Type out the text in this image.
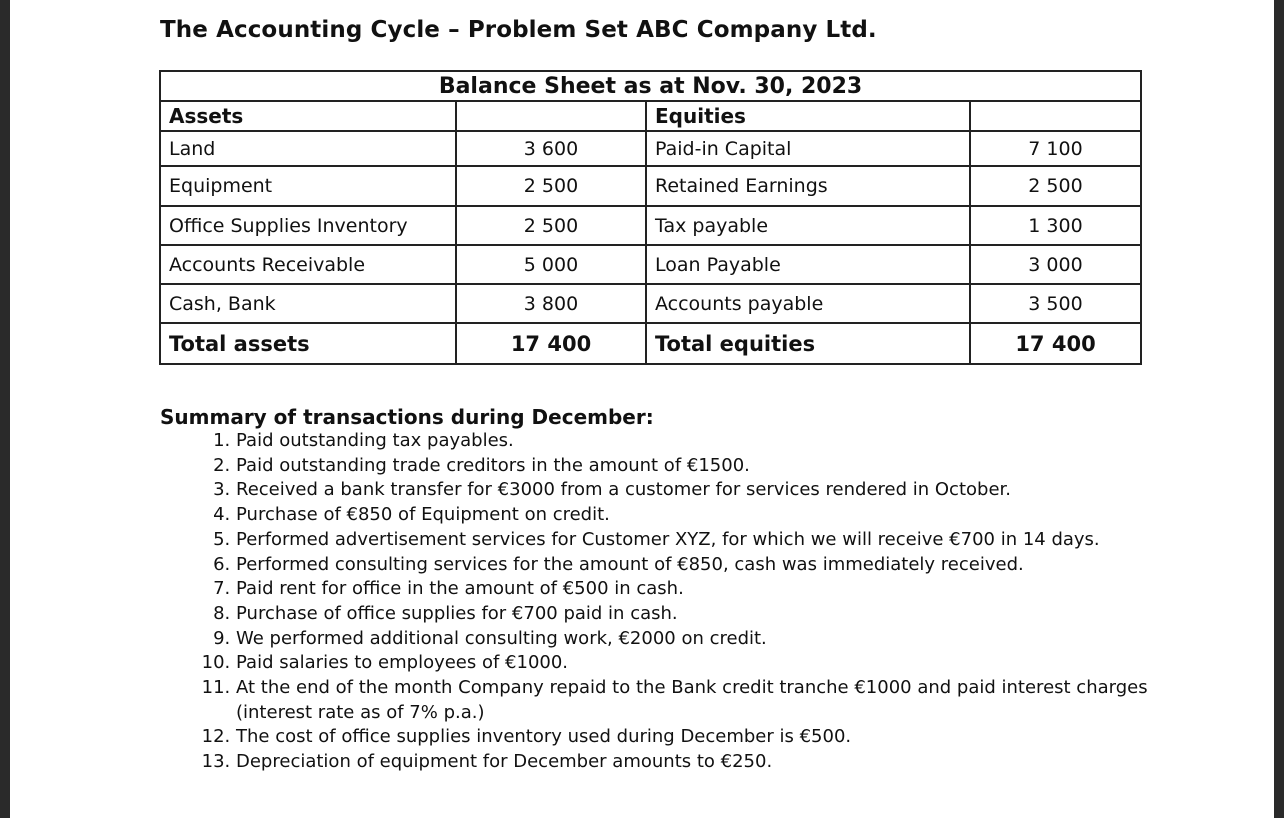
The Accounting Cycle – Problem Set ABC Company Ltd.
Balance Sheet as at Nov. 30, 2023			
Assets		Equities	
Land	3 600	Paid-in Capital	7 100
Equipment	2 500	Retained Earnings	2 500
Office Supplies Inventory	2 500	Tax payable	1 300
Accounts Receivable	5 000	Loan Payable	3 000
Cash, Bank	3 800	Accounts payable	3 500
Total assets	17 400	Total equities	17 400
Summary of transactions during December:
1. Paid outstanding tax payables.
2. Paid outstanding trade creditors in the amount of €1500.
3. Received a bank transfer for €3000 from a customer for services rendered in October.
4. Purchase of €850 of Equipment on credit.
5. Performed advertisement services for Customer XYZ, for which we will receive €700 in 14 days.
6. Performed consulting services for the amount of €850, cash was immediately received.
7. Paid rent for office in the amount of €500 in cash.
8. Purchase of office supplies for €700 paid in cash.
9. We performed additional consulting work, €2000 on credit.
10. Paid salaries to employees of €1000.
11. At the end of the month Company repaid to the Bank credit tranche €1000 and paid interest charges (interest rate as of 7% p.a.)
12. The cost of office supplies inventory used during December is €500.
13. Depreciation of equipment for December amounts to €250.
